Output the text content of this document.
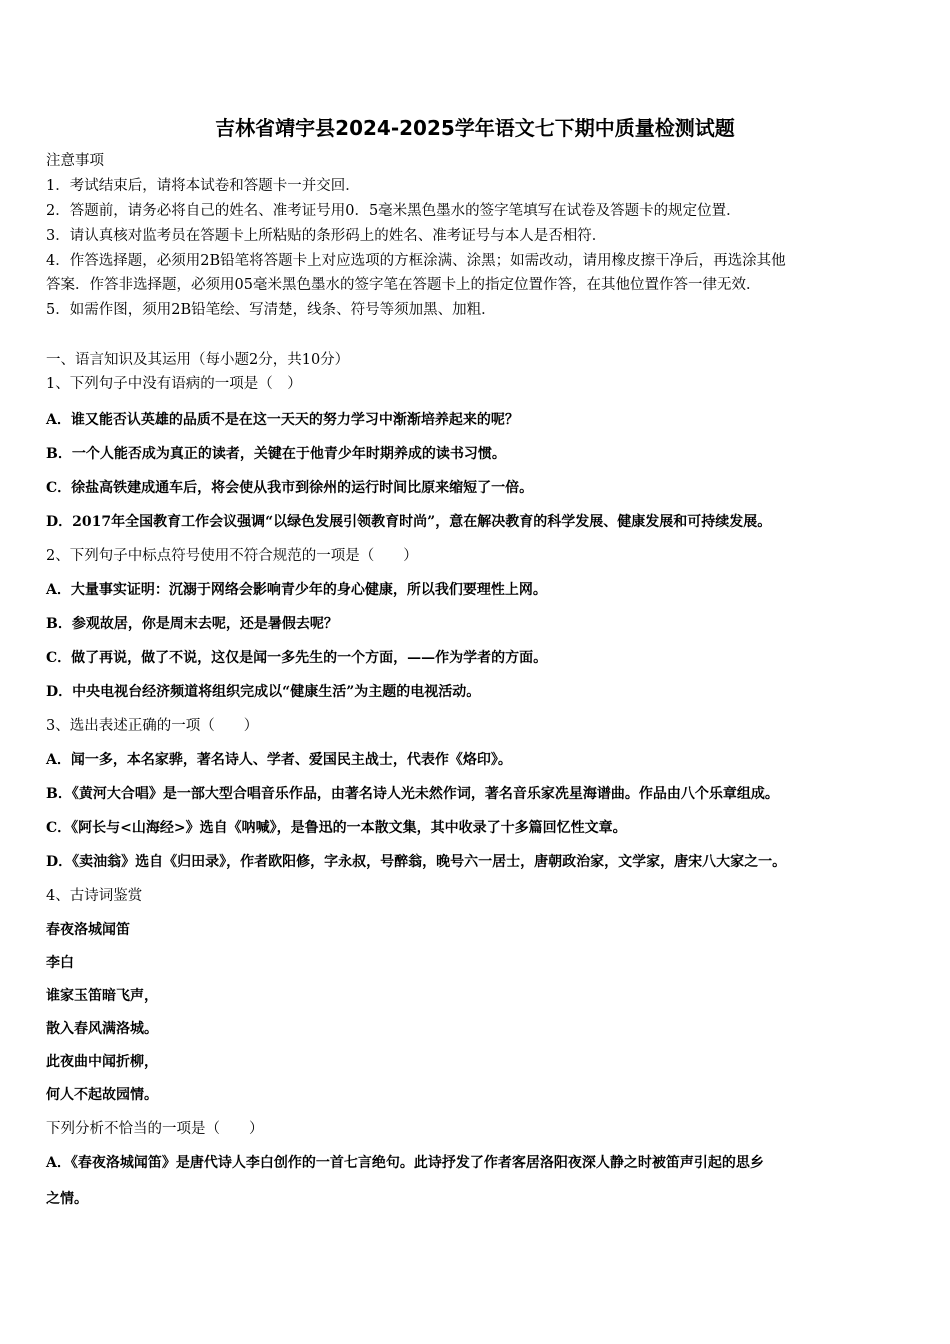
吉林省靖宇县2024-2025学年语文七下期中质量检测试题
注意事项
1．考试结束后，请将本试卷和答题卡一并交回．
2．答题前，请务必将自己的姓名、准考证号用0．5毫米黑色墨水的签字笔填写在试卷及答题卡的规定位置．
3．请认真核对监考员在答题卡上所粘贴的条形码上的姓名、准考证号与本人是否相符．
4．作答选择题，必须用2B铅笔将答题卡上对应选项的方框涂满、涂黑；如需改动，请用橡皮擦干净后，再选涂其他
答案．作答非选择题，必须用05毫米黑色墨水的签字笔在答题卡上的指定位置作答，在其他位置作答一律无效．
5．如需作图，须用2B铅笔绘、写清楚，线条、符号等须加黑、加粗．
一、语言知识及其运用（每小题2分，共10分）
1、下列句子中没有语病的一项是（　）
A．谁又能否认英雄的品质不是在这一天天的努力学习中渐渐培养起来的呢？
B．一个人能否成为真正的读者，关键在于他青少年时期养成的读书习惯。
C．徐盐高铁建成通车后，将会使从我市到徐州的运行时间比原来缩短了一倍。
D．2017年全国教育工作会议强调“以绿色发展引领教育时尚”，意在解决教育的科学发展、健康发展和可持续发展。
2、下列句子中标点符号使用不符合规范的一项是（　　）
A．大量事实证明：沉溺于网络会影响青少年的身心健康，所以我们要理性上网。
B．参观故居，你是周末去呢，还是暑假去呢？
C．做了再说，做了不说，这仅是闻一多先生的一个方面，——作为学者的方面。
D．中央电视台经济频道将组织完成以“健康生活”为主题的电视活动。
3、选出表述正确的一项（　　）
A．闻一多，本名家骅，著名诗人、学者、爱国民主战士，代表作《烙印》。
B．《黄河大合唱》是一部大型合唱音乐作品，由著名诗人光未然作词，著名音乐家冼星海谱曲。作品由八个乐章组成。
C．《阿长与<山海经>》选自《呐喊》，是鲁迅的一本散文集，其中收录了十多篇回忆性文章。
D．《卖油翁》选自《归田录》，作者欧阳修，字永叔，号醉翁，晚号六一居士，唐朝政治家，文学家，唐宋八大家之一。
4、古诗词鉴赏
春夜洛城闻笛
李白
谁家玉笛暗飞声，
散入春风满洛城。
此夜曲中闻折柳，
何人不起故园情。
下列分析不恰当的一项是（　　）
A．《春夜洛城闻笛》是唐代诗人李白创作的一首七言绝句。此诗抒发了作者客居洛阳夜深人静之时被笛声引起的思乡
之情。
